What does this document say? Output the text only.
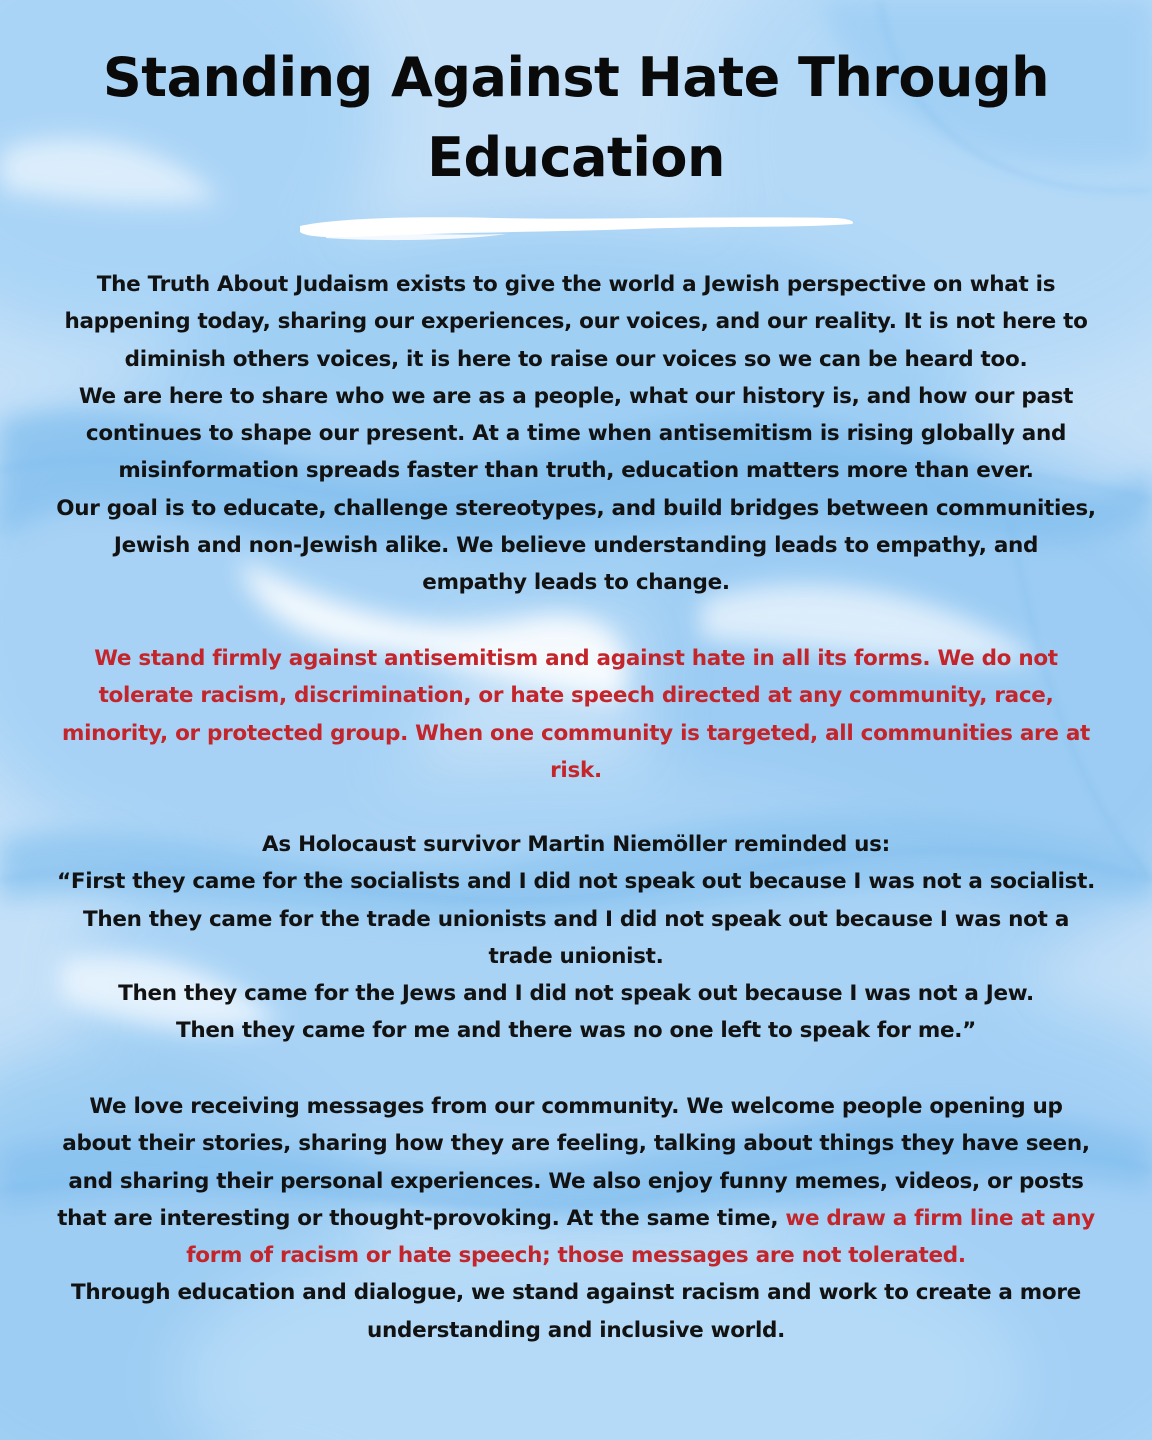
Standing Against Hate Through
Education

The Truth About Judaism exists to give the world a Jewish perspective on what is

happening today, sharing our experiences, our voices, and our reality. It is not here to

diminish others voices, it is here to raise our voices so we can be heard too.

We are here to share who we are as a people, what our history is, and how our past

continues to shape our present. At a time when antisemitism is rising globally and

misinformation spreads faster than truth, education matters more than ever.

Our goal is to educate, challenge stereotypes, and build bridges between communities,

Jewish and non-Jewish alike. We believe understanding leads to empathy, and

empathy leads to change.

We stand firmly against antisemitism and against hate in all its forms. We do not

tolerate racism, discrimination, or hate speech directed at any community, race,

minority, or protected group. When one community is targeted, all communities are at

risk.

As Holocaust survivor Martin Niemöller reminded us:

“First they came for the socialists and I did not speak out because I was not a socialist.

Then they came for the trade unionists and I did not speak out because I was not a

trade unionist.

Then they came for the Jews and I did not speak out because I was not a Jew.

Then they came for me and there was no one left to speak for me.”

We love receiving messages from our community. We welcome people opening up

about their stories, sharing how they are feeling, talking about things they have seen,

and sharing their personal experiences. We also enjoy funny memes, videos, or posts

that are interesting or thought-provoking. At the same time, we draw a firm line at any

form of racism or hate speech; those messages are not tolerated.

Through education and dialogue, we stand against racism and work to create a more

understanding and inclusive world.
